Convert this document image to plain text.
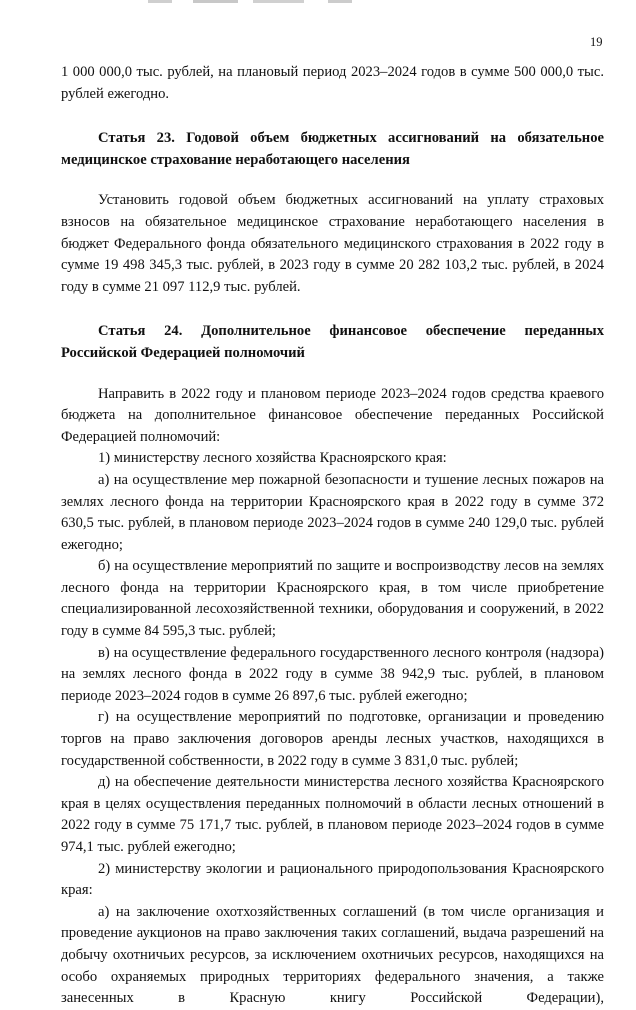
19

1 000 000,0 тыс. рублей, на плановый период 2023–2024 годов в сумме 500 000,0 тыс. рублей ежегодно.

Статья 23. Годовой объем бюджетных ассигнований на обязательное медицинское страхование неработающего населения

Установить годовой объем бюджетных ассигнований на уплату страховых взносов на обязательное медицинское страхование неработающего населения в бюджет Федерального фонда обязательного медицинского страхования в 2022 году в сумме 19 498 345,3 тыс. рублей, в 2023 году в сумме 20 282 103,2 тыс. рублей, в 2024 году в сумме 21 097 112,9 тыс. рублей.

Статья 24. Дополнительное финансовое обеспечение переданных Российской Федерацией полномочий

Направить в 2022 году и плановом периоде 2023–2024 годов средства краевого бюджета на дополнительное финансовое обеспечение переданных Российской Федерацией полномочий:

1) министерству лесного хозяйства Красноярского края:

а) на осуществление мер пожарной безопасности и тушение лесных пожаров на землях лесного фонда на территории Красноярского края в 2022 году в сумме 372 630,5 тыс. рублей, в плановом периоде 2023–2024 годов в сумме 240 129,0 тыс. рублей ежегодно;

б) на осуществление мероприятий по защите и воспроизводству лесов на землях лесного фонда на территории Красноярского края, в том числе приобретение специализированной лесохозяйственной техники, оборудования и сооружений, в 2022 году в сумме 84 595,3 тыс. рублей;

в) на осуществление федерального государственного лесного контроля (надзора) на землях лесного фонда в 2022 году в сумме 38 942,9 тыс. рублей, в плановом периоде 2023–2024 годов в сумме 26 897,6 тыс. рублей ежегодно;

г) на осуществление мероприятий по подготовке, организации и проведению торгов на право заключения договоров аренды лесных участков, находящихся в государственной собственности, в 2022 году в сумме 3 831,0 тыс. рублей;

д) на обеспечение деятельности министерства лесного хозяйства Красноярского края в целях осуществления переданных полномочий в области лесных отношений в 2022 году в сумме 75 171,7 тыс. рублей, в плановом периоде 2023–2024 годов в сумме 974,1 тыс. рублей ежегодно;

2) министерству экологии и рационального природопользования Красноярского края:

а) на заключение охотхозяйственных соглашений (в том числе организация и проведение аукционов на право заключения таких соглашений, выдача разрешений на добычу охотничьих ресурсов, за исключением охотничьих ресурсов, находящихся на особо охраняемых природных территориях федерального значения, а также занесенных в Красную книгу Российской Федерации),
